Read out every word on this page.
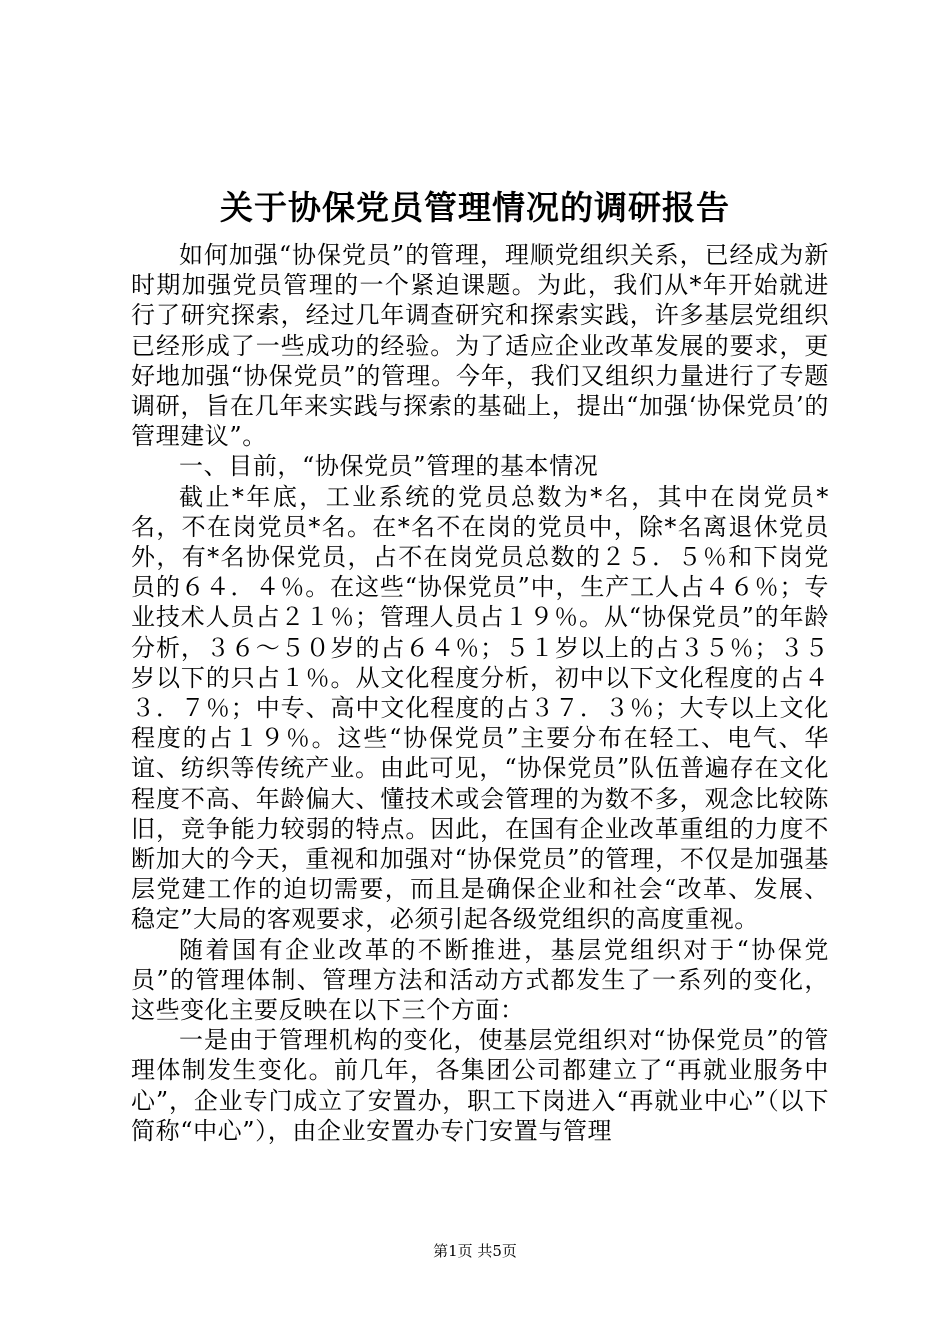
关于协保党员管理情况的调研报告

如何加强“协保党员”的管理，理顺党组织关系，已经成为新时期加强党员管理的一个紧迫课题。为此，我们从*年开始就进行了研究探索，经过几年调查研究和探索实践，许多基层党组织已经形成了一些成功的经验。为了适应企业改革发展的要求，更好地加强“协保党员”的管理。今年，我们又组织力量进行了专题调研，旨在几年来实践与探索的基础上，提出“加强‘协保党员’的管理建议”。

一、目前，“协保党员”管理的基本情况

截止*年底，工业系统的党员总数为*名，其中在岗党员*名，不在岗党员*名。在*名不在岗的党员中，除*名离退休党员外，有*名协保党员，占不在岗党员总数的２５．５％和下岗党员的６４．４％。在这些“协保党员”中，生产工人占４６％；专业技术人员占２１％；管理人员占１９％。从“协保党员”的年龄分析，３６～５０岁的占６４％；５１岁以上的占３５％；３５岁以下的只占１％。从文化程度分析，初中以下文化程度的占４３．７％；中专、高中文化程度的占３７．３％；大专以上文化程度的占１９％。这些“协保党员”主要分布在轻工、电气、华谊、纺织等传统产业。由此可见，“协保党员”队伍普遍存在文化程度不高、年龄偏大、懂技术或会管理的为数不多，观念比较陈旧，竞争能力较弱的特点。因此，在国有企业改革重组的力度不断加大的今天，重视和加强对“协保党员”的管理，不仅是加强基层党建工作的迫切需要，而且是确保企业和社会“改革、发展、稳定”大局的客观要求，必须引起各级党组织的高度重视。

随着国有企业改革的不断推进，基层党组织对于“协保党员”的管理体制、管理方法和活动方式都发生了一系列的变化，这些变化主要反映在以下三个方面：

一是由于管理机构的变化，使基层党组织对“协保党员”的管理体制发生变化。前几年，各集团公司都建立了“再就业服务中心”，企业专门成立了安置办，职工下岗进入“再就业中心”（以下简称“中心”），由企业安置办专门安置与管理

第1页 共5页
